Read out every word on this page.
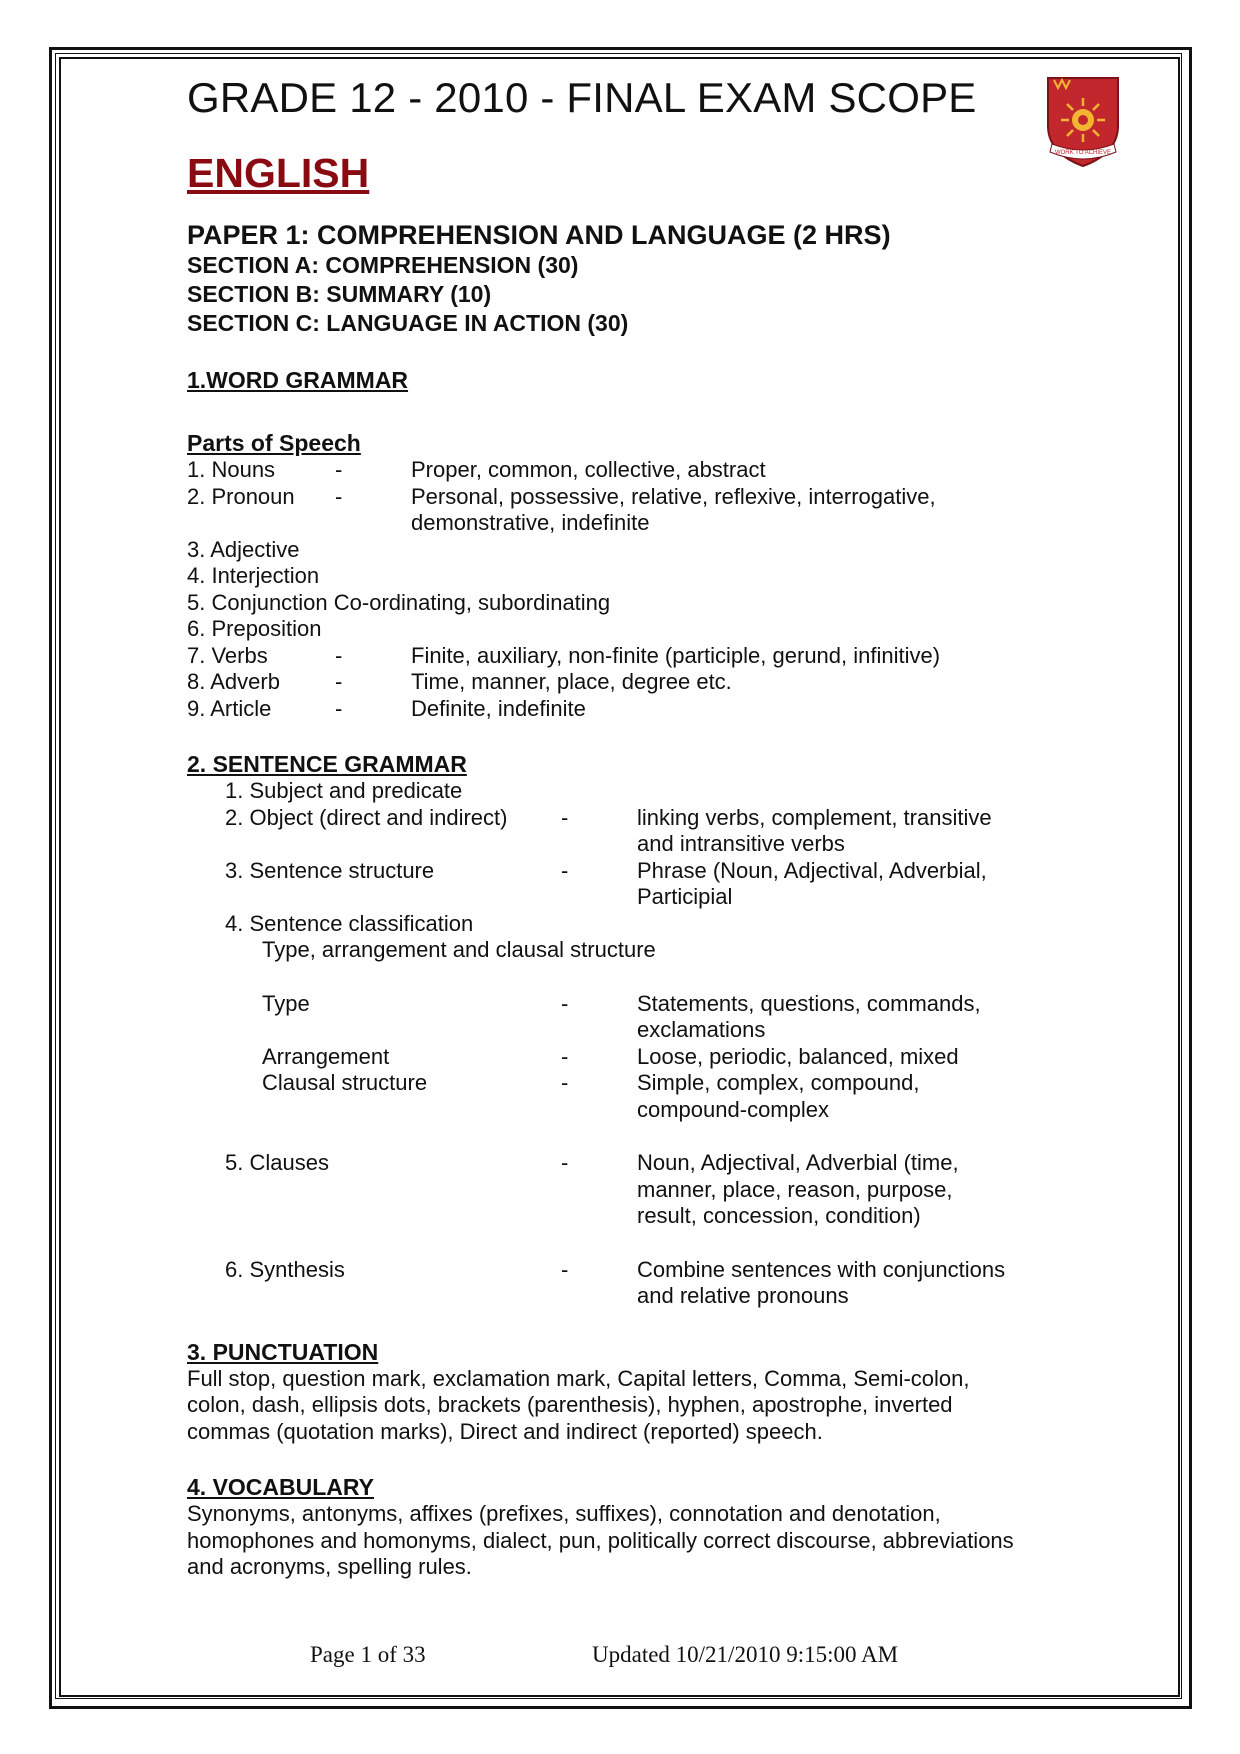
WORK TO ACHIEVE
GRADE 12 - 2010 - FINAL EXAM SCOPE
ENGLISH
PAPER 1: COMPREHENSION AND LANGUAGE (2 HRS)
SECTION A: COMPREHENSION (30)
SECTION B: SUMMARY (10)
SECTION C: LANGUAGE IN ACTION (30)
1.WORD GRAMMAR
Parts of Speech
1. Nouns	-	Proper, common, collective, abstract
2. Pronoun	-	Personal, possessive, relative, reflexive, interrogative,
demonstrative, indefinite
3. Adjective
4. Interjection
5. Conjunction Co-ordinating, subordinating
6. Preposition
7. Verbs	-	Finite, auxiliary, non-finite (participle, gerund, infinitive)
8. Adverb	-	Time, manner, place, degree etc.
9. Article	-	Definite, indefinite
2. SENTENCE GRAMMAR
1. Subject and predicate
2. Object (direct and indirect)	-	linking verbs, complement, transitive
and intransitive verbs
3. Sentence structure	-	Phrase (Noun, Adjectival, Adverbial,
Participial
4. Sentence classification
Type, arrangement and clausal structure
Type	-	Statements, questions, commands,
exclamations
Arrangement	-	Loose, periodic, balanced, mixed
Clausal structure	-	Simple, complex, compound,
compound-complex
5. Clauses	-	Noun, Adjectival, Adverbial (time,
manner, place, reason, purpose,
result, concession, condition)
6. Synthesis	-	Combine sentences with conjunctions
and relative pronouns
3. PUNCTUATION
Full stop, question mark, exclamation mark, Capital letters, Comma, Semi-colon,
colon, dash, ellipsis dots, brackets (parenthesis), hyphen, apostrophe, inverted
commas (quotation marks), Direct and indirect (reported) speech.
4. VOCABULARY
Synonyms, antonyms, affixes (prefixes, suffixes), connotation and denotation,
homophones and homonyms, dialect, pun, politically correct discourse, abbreviations
and acronyms, spelling rules.
Page 1 of 33	Updated 10/21/2010 9:15:00 AM
